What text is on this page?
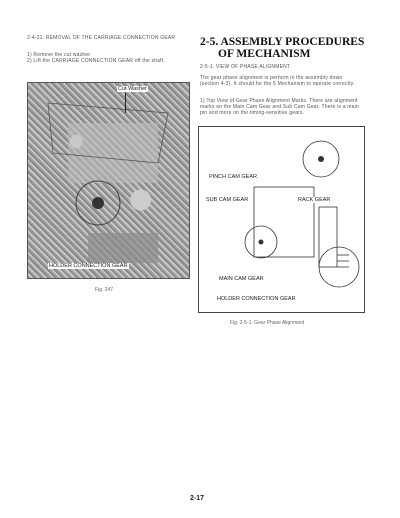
2-4-21. REMOVAL OF THE CARRIAGE CONNECTION GEAR
1) Remove the cut washer.
2) Lift the CARRIAGE CONNECTION GEAR off the shaft.
Cut Washer
HOLDER CONNECTION GEAR
Fig. 247
2-5. ASSEMBLY PROCEDURES
OF MECHANISM
2-5-1. VIEW OF PHASE ALIGNMENT
The gear phase alignment is perform in the assembly down (section 4-3). It should for the 5 Mechanism to operate correctly.
1) Top View of Gear Phase Alignment Marks. There are alignment marks on the Main Cam Gear and Sub Cam Gear. There is a main pin and more on the timing-sensitive gears.
PINCH CAM GEAR
SUB CAM GEAR	RACK GEAR
MAIN CAM GEAR
HOLDER CONNECTION GEAR
Fig. 2-5-1. Gear Phase Alignment
2-17
